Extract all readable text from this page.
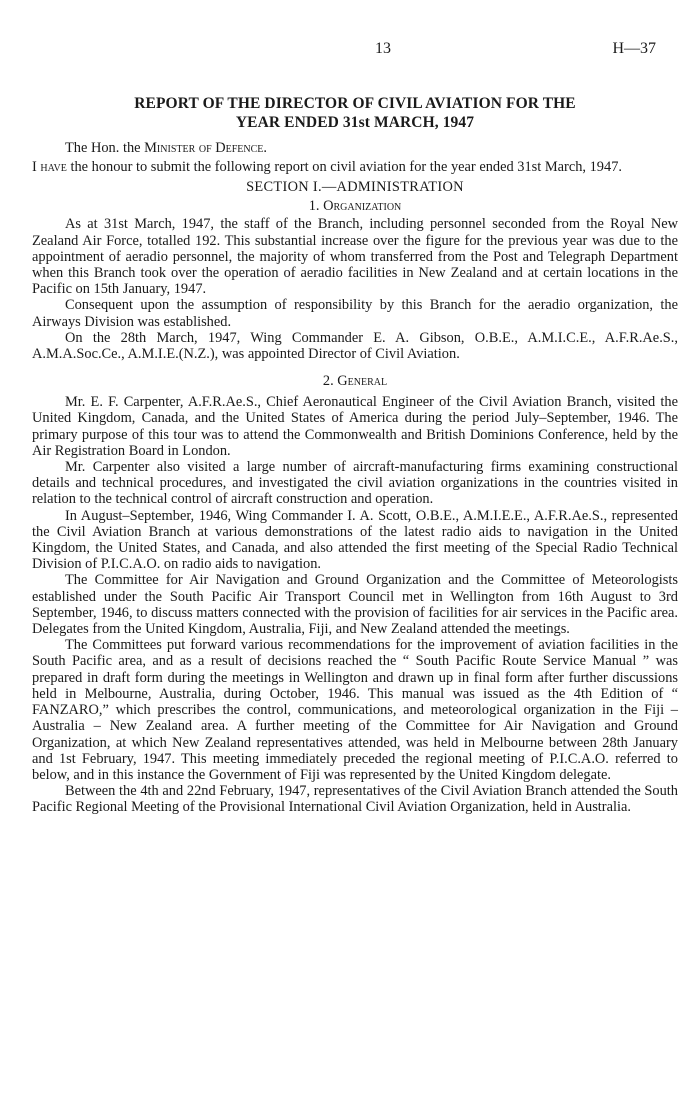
13	H—37
REPORT OF THE DIRECTOR OF CIVIL AVIATION FOR THE
YEAR ENDED 31st MARCH, 1947

The Hon. the Minister of Defence.

I have the honour to submit the following report on civil aviation for the year ended 31st March, 1947.

SECTION I.—ADMINISTRATION
1. Organization

As at 31st March, 1947, the staff of the Branch, including personnel seconded from the Royal New Zealand Air Force, totalled 192. This substantial increase over the figure for the previous year was due to the appointment of aeradio personnel, the majority of whom transferred from the Post and Telegraph Department when this Branch took over the operation of aeradio facilities in New Zealand and at certain locations in the Pacific on 15th January, 1947.

Consequent upon the assumption of responsibility by this Branch for the aeradio organization, the Airways Division was established.

On the 28th March, 1947, Wing Commander E. A. Gibson, O.B.E., A.M.I.C.E., A.F.R.Ae.S., A.M.A.Soc.Ce., A.M.I.E.(N.Z.), was appointed Director of Civil Aviation.

2. General

Mr. E. F. Carpenter, A.F.R.Ae.S., Chief Aeronautical Engineer of the Civil Aviation Branch, visited the United Kingdom, Canada, and the United States of America during the period July–September, 1946. The primary purpose of this tour was to attend the Commonwealth and British Dominions Conference, held by the Air Registration Board in London.

Mr. Carpenter also visited a large number of aircraft-manufacturing firms examining constructional details and technical procedures, and investigated the civil aviation organizations in the countries visited in relation to the technical control of aircraft construction and operation.

In August–September, 1946, Wing Commander I. A. Scott, O.B.E., A.M.I.E.E., A.F.R.Ae.S., represented the Civil Aviation Branch at various demonstrations of the latest radio aids to navigation in the United Kingdom, the United States, and Canada, and also attended the first meeting of the Special Radio Technical Division of P.I.C.A.O. on radio aids to navigation.

The Committee for Air Navigation and Ground Organization and the Committee of Meteorologists established under the South Pacific Air Transport Council met in Wellington from 16th August to 3rd September, 1946, to discuss matters connected with the provision of facilities for air services in the Pacific area. Delegates from the United Kingdom, Australia, Fiji, and New Zealand attended the meetings.

The Committees put forward various recommendations for the improvement of aviation facilities in the South Pacific area, and as a result of decisions reached the “ South Pacific Route Service Manual ” was prepared in draft form during the meetings in Wellington and drawn up in final form after further discussions held in Melbourne, Australia, during October, 1946. This manual was issued as the 4th Edition of “ FANZARO,” which prescribes the control, communications, and meteorological organization in the Fiji – Australia – New Zealand area. A further meeting of the Committee for Air Navigation and Ground Organization, at which New Zealand representatives attended, was held in Melbourne between 28th January and 1st February, 1947. This meeting immediately preceded the regional meeting of P.I.C.A.O. referred to below, and in this instance the Government of Fiji was represented by the United Kingdom delegate.

Between the 4th and 22nd February, 1947, representatives of the Civil Aviation Branch attended the South Pacific Regional Meeting of the Provisional International Civil Aviation Organization, held in Australia.
